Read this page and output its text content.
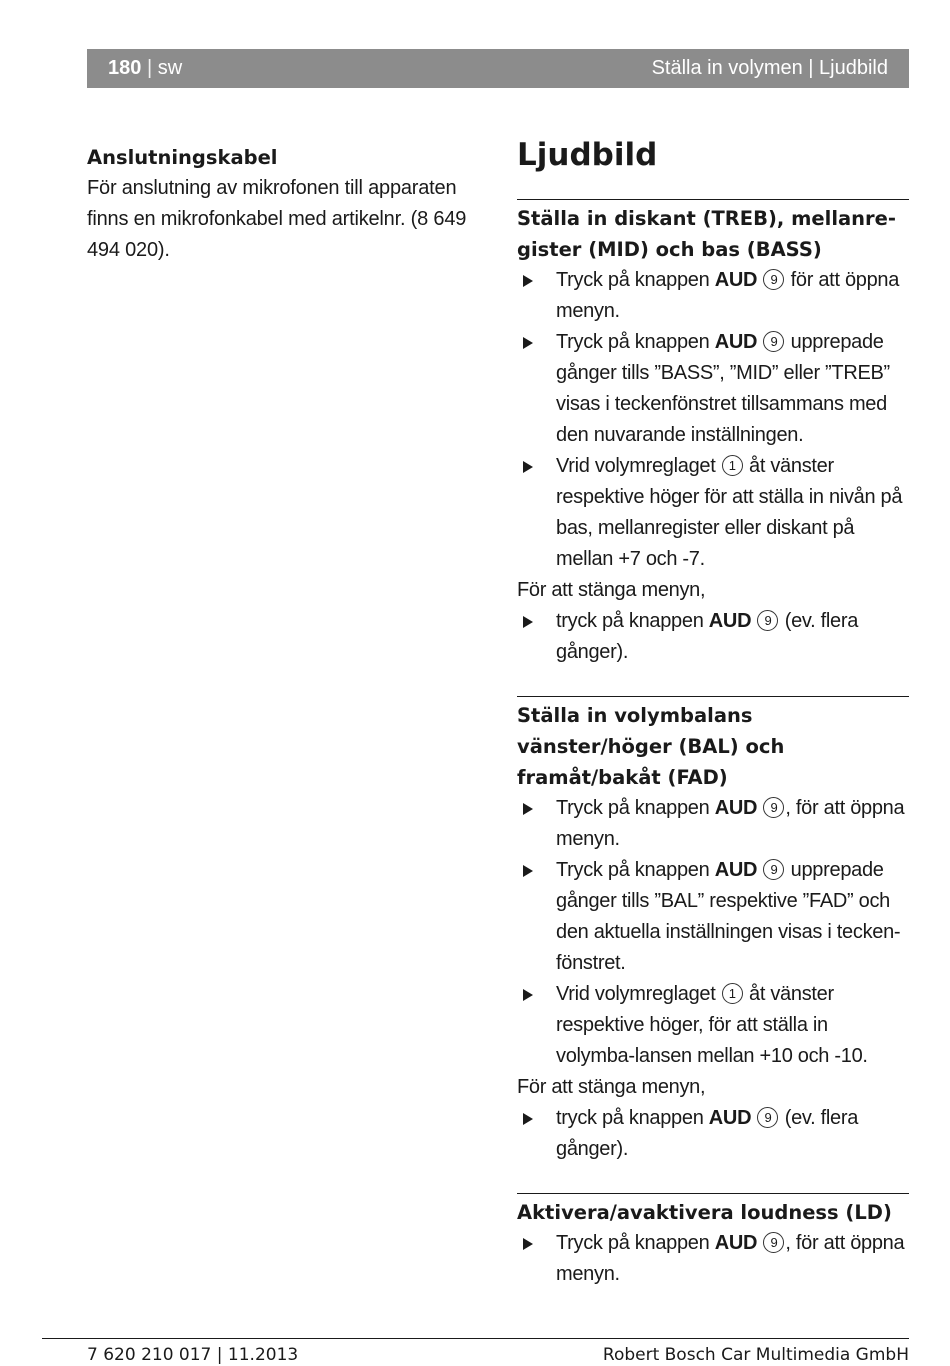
180 | sw	Ställa in volymen | Ljudbild
Anslutningskabel
För anslutning av mikrofonen till apparaten finns en mikrofonkabel med artikelnr. (8 649 494 020).
Ljudbild
Ställa in diskant (TREB), mellanre-gister (MID) och bas (BASS)
Tryck på knappen AUD 9 för att öppna menyn.
Tryck på knappen AUD 9 upprepade gånger tills ”BASS”, ”MID” eller ”TREB” visas i teckenfönstret tillsammans med den nuvarande inställningen.
Vrid volymreglaget 1 åt vänster respektive höger för att ställa in nivån på bas, mellanregister eller diskant på mellan +7 och -7.
För att stänga menyn,
tryck på knappen AUD 9 (ev. flera gånger).
Ställa in volymbalans vänster/höger (BAL) och framåt/bakåt (FAD)
Tryck på knappen AUD 9 , för att öppna menyn.
Tryck på knappen AUD 9 upprepade gånger tills ”BAL” respektive ”FAD” och den aktuella inställningen visas i tecken-fönstret.
Vrid volymreglaget 1 åt vänster respektive höger, för att ställa in volymba-lansen mellan +10 och -10.
För att stänga menyn,
tryck på knappen AUD 9 (ev. flera gånger).
Aktivera/avaktivera loudness (LD)
Tryck på knappen AUD 9 , för att öppna menyn.
7 620 210 017 | 11.2013	Robert Bosch Car Multimedia GmbH
